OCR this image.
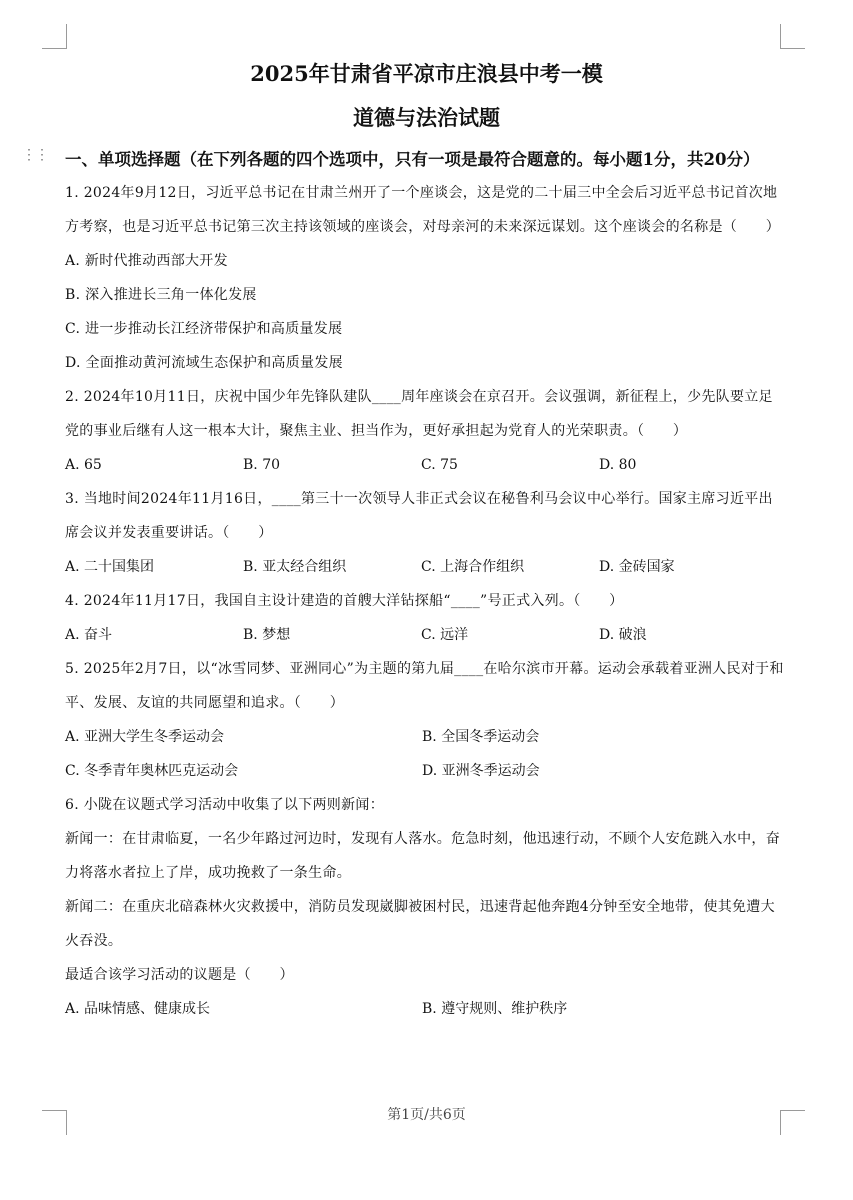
⋮⋮
2025年甘肃省平凉市庄浪县中考一模
道德与法治试题

一、单项选择题（在下列各题的四个选项中，只有一项是最符合题意的。每小题1分，共20分）

1. 2024年9月12日，习近平总书记在甘肃兰州开了一个座谈会，这是党的二十届三中全会后习近平总书记首次地方考察，也是习近平总书记第三次主持该领域的座谈会，对母亲河的未来深远谋划。这个座谈会的名称是（　　）

A. 新时代推动西部大开发

B. 深入推进长三角一体化发展

C. 进一步推动长江经济带保护和高质量发展

D. 全面推动黄河流域生态保护和高质量发展

2. 2024年10月11日，庆祝中国少年先锋队建队____周年座谈会在京召开。会议强调，新征程上，少先队要立足党的事业后继有人这一根本大计，聚焦主业、担当作为，更好承担起为党育人的光荣职责。（　　）

A. 65	B. 70	C. 75	D. 80

3. 当地时间2024年11月16日，____第三十一次领导人非正式会议在秘鲁利马会议中心举行。国家主席习近平出席会议并发表重要讲话。（　　）

A. 二十国集团	B. 亚太经合组织	C. 上海合作组织	D. 金砖国家

4. 2024年11月17日，我国自主设计建造的首艘大洋钻探船“____”号正式入列。（　　）

A. 奋斗	B. 梦想	C. 远洋	D. 破浪

5. 2025年2月7日，以“冰雪同梦、亚洲同心”为主题的第九届____在哈尔滨市开幕。运动会承载着亚洲人民对于和平、发展、友谊的共同愿望和追求。（　　）

A. 亚洲大学生冬季运动会	B. 全国冬季运动会
C. 冬季青年奥林匹克运动会	D. 亚洲冬季运动会

6. 小陇在议题式学习活动中收集了以下两则新闻：

新闻一：在甘肃临夏，一名少年路过河边时，发现有人落水。危急时刻，他迅速行动，不顾个人安危跳入水中，奋力将落水者拉上了岸，成功挽救了一条生命。

新闻二：在重庆北碚森林火灾救援中，消防员发现崴脚被困村民，迅速背起他奔跑4分钟至安全地带，使其免遭大火吞没。

最适合该学习活动的议题是（　　）

A. 品味情感、健康成长	B. 遵守规则、维护秩序
第1页/共6页
